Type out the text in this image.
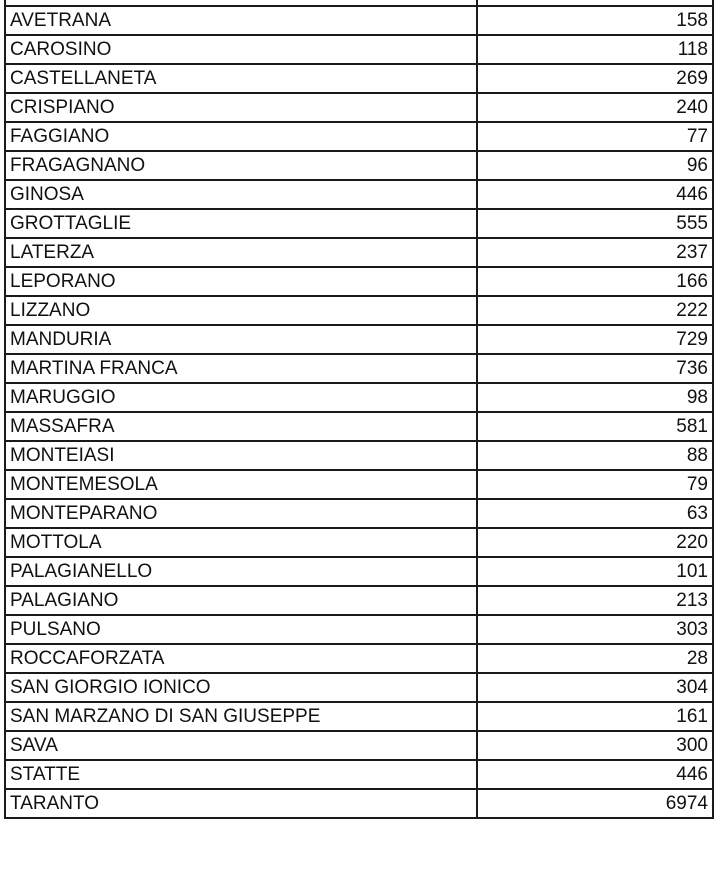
AVETRANA	158
CAROSINO	118
CASTELLANETA	269
CRISPIANO	240
FAGGIANO	77
FRAGAGNANO	96
GINOSA	446
GROTTAGLIE	555
LATERZA	237
LEPORANO	166
LIZZANO	222
MANDURIA	729
MARTINA FRANCA	736
MARUGGIO	98
MASSAFRA	581
MONTEIASI	88
MONTEMESOLA	79
MONTEPARANO	63
MOTTOLA	220
PALAGIANELLO	101
PALAGIANO	213
PULSANO	303
ROCCAFORZATA	28
SAN GIORGIO IONICO	304
SAN MARZANO DI SAN GIUSEPPE	161
SAVA	300
STATTE	446
TARANTO	6974
